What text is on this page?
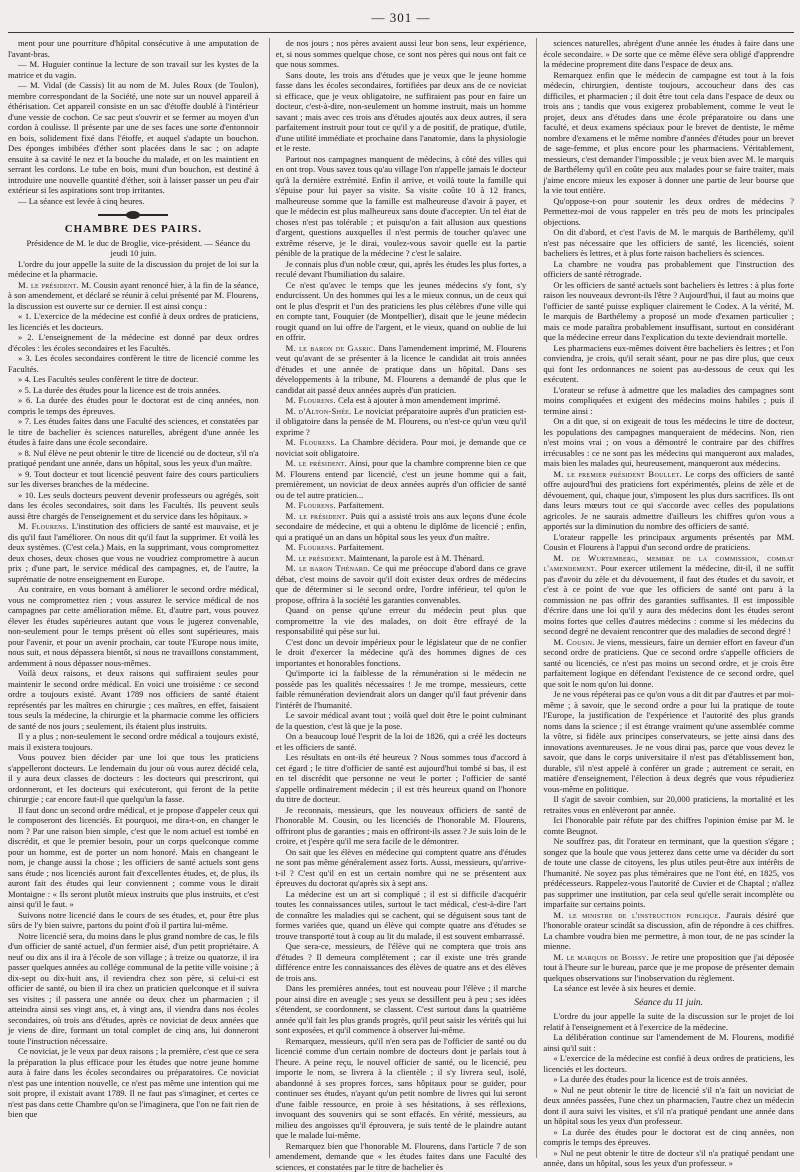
— 301 —

ment pour une pourriture d'hôpital consécutive à une amputation de l'avant-bras.

— M. Huguier continue la lecture de son travail sur les kystes de la matrice et du vagin.

— M. Vidal (de Cassis) lit au nom de M. Jules Roux (de Toulon), membre correspondant de la Société, une note sur un nouvel appareil à éthérisation. Cet appareil consiste en un sac d'étoffe doublé à l'intérieur d'une vessie de cochon. Ce sac peut s'ouvrir et se fermer au moyen d'un cordon à coulisse. Il présente par une de ses faces une sorte d'entonnoir en bois, solidement fixé dans l'étoffe, et auquel s'adapte un bouchon. Des éponges imbibées d'éther sont placées dans le sac ; on adapte ensuite à sa cavité le nez et la bouche du malade, et on les maintient en serrant les cordons. Le tube en bois, muni d'un bouchon, est destiné à introduire une nouvelle quantité d'éther, soit à laisser passer un peu d'air extérieur si les aspirations sont trop irritantes.

— La séance est levée à cinq heures.

CHAMBRE DES PAIRS.

Présidence de M. le duc de Broglie, vice-président. — Séance du jeudi 10 juin.

L'ordre du jour appelle la suite de la discussion du projet de loi sur la médecine et la pharmacie.

M. le président. M. Cousin ayant renoncé hier, à la fin de la séance, à son amendement, et déclaré se réunir à celui présenté par M. Flourens, la discussion est ouverte sur ce dernier. Il est ainsi conçu :

« 1. L'exercice de la médecine est confié à deux ordres de praticiens, les licenciés et les docteurs.

» 2. L'enseignement de la médecine est donné par deux ordres d'écoles : les écoles secondaires et les Facultés.

» 3. Les écoles secondaires confèrent le titre de licencié comme les Facultés.

» 4. Les Facultés seules confèrent le titre de docteur.

» 5. La durée des études pour la licence est de trois années.

» 6. La durée des études pour le doctorat est de cinq années, non compris le temps des épreuves.

» 7. Les études faites dans une Faculté des sciences, et constatées par le titre de bachelier ès sciences naturelles, abrégent d'une année les études à faire dans une école secondaire.

» 8. Nul élève ne peut obtenir le titre de licencié ou de docteur, s'il n'a pratiqué pendant une année, dans un hôpital, sous les yeux d'un maître.

» 9. Tout docteur et tout licencié peuvent faire des cours particuliers sur les diverses branches de la médecine.

» 10. Les seuls docteurs peuvent devenir professeurs ou agrégés, soit dans les écoles secondaires, soit dans les Facultés. Ils peuvent seuls aussi être chargés de l'enseignement et du service dans les hôpitaux. »

M. Flourens. L'institution des officiers de santé est mauvaise, et je dis qu'il faut l'améliorer. On nous dit qu'il faut la supprimer. Et voilà les deux systèmes. (C'est cela.) Mais, en la supprimant, vous compromettez deux choses, deux choses que vous ne voudriez compromettre à aucun prix ; d'une part, le service médical des campagnes, et, de l'autre, la suprématie de notre enseignement en Europe.

Au contraire, en vous bornant à améliorer le second ordre médical, vous ne compromettez rien ; vous assurez le service médical de nos campagnes par cette amélioration même. Et, d'autre part, vous pouvez élever les études supérieures autant que vous le jugerez convenable, non-seulement pour le temps présent où elles sont supérieures, mais pour l'avenir, et pour un avenir prochain, car toute l'Europe nous imite, nous suit, et nous dépassera bientôt, si nous ne travaillons constamment, ardemment à nous dépasser nous-mêmes.

Voilà deux raisons, et deux raisons qui suffiraient seules pour maintenir le second ordre médical. En voici une troisième : ce second ordre a toujours existé. Avant 1789 nos officiers de santé étaient représentés par les maîtres en chirurgie ; ces maîtres, en effet, faisaient tous seuls la médecine, la chirurgie et la pharmacie comme les officiers de santé de nos jours ; seulement, ils étaient plus instruits.

Il y a plus ; non-seulement le second ordre médical a toujours existé, mais il existera toujours.

Vous pouvez bien décider par une loi que tous les praticiens s'appelleront docteurs. Le lendemain du jour où vous aurez décidé cela, il y aura deux classes de docteurs : les docteurs qui prescriront, qui ordonneront, et les docteurs qui exécuteront, qui feront de la petite chirurgie ; car encore faut-il que quelqu'un la fasse.

Il faut donc un second ordre médical, et je propose d'appeler ceux qui le composeront des licenciés. Et pourquoi, me dira-t-on, en changer le nom ? Par une raison bien simple, c'est que le nom actuel est tombé en discrédit, et que le premier besoin, pour un corps quelconque comme pour un homme, est de porter un nom honoré. Mais en changeant le nom, je change aussi la chose ; les officiers de santé actuels sont gens sans étude ; nos licenciés auront fait d'excellentes études, et, de plus, ils auront fait des études qui leur conviennent ; comme vous le dirait Montaigne : « Ils seront plutôt mieux instruits que plus instruits, et c'est ainsi qu'il le faut. »

Suivons notre licencié dans le cours de ses études, et, pour être plus sûrs de l'y bien suivre, partons du point d'où il partira lui-même.

Notre licencié sera, du moins dans le plus grand nombre de cas, le fils d'un officier de santé actuel, d'un fermier aisé, d'un petit propriétaire. A neuf ou dix ans il ira à l'école de son village ; à treize ou quatorze, il ira passer quelques années au collége communal de la petite ville voisine ; à dix-sept ou dix-huit ans, il reviendra chez son père, si celui-ci est officier de santé, ou bien il ira chez un praticien quelconque et il suivra ses visites ; il passera une année ou deux chez un pharmacien ; il atteindra ainsi ses vingt ans, et, à vingt ans, il viendra dans nos écoles secondaires, où trois ans d'études, après ce noviciat de deux années que je viens de dire, formant un total complet de cinq ans, lui donneront toute l'instruction nécessaire.

Ce noviciat, je le veux par deux raisons ; la première, c'est que ce sera la préparation la plus efficace pour les études que notre jeune homme aura à faire dans les écoles secondaires ou préparatoires. Ce noviciat n'est pas une intention nouvelle, ce n'est pas même une intention qui me soit propre, il existait avant 1789. Il ne faut pas s'imaginer, et certes ce n'est pas dans cette Chambre qu'on se l'imaginera, que l'on ne fait rien de bien que

de nos jours ; nos pères avaient aussi leur bon sens, leur expérience, et, si nous sommes quelque chose, ce sont nos pères qui nous ont fait ce que nous sommes.

Sans doute, les trois ans d'études que je veux que le jeune homme fasse dans les écoles secondaires, fortifiées par deux ans de ce noviciat si efficace, que je veux obligatoire, ne suffiraient pas pour en faire un docteur, c'est-à-dire, non-seulement un homme instruit, mais un homme savant ; mais avec ces trois ans d'études ajoutés aux deux autres, il sera parfaitement instruit pour tout ce qu'il y a de positif, de pratique, d'utile, d'une utilité immédiate et prochaine dans l'anatomie, dans la physiologie et le reste.

Partout nos campagnes manquent de médecins, à côté des villes qui en ont trop. Vous savez tous qu'au village l'on n'appelle jamais le docteur qu'à la dernière extrémité. Enfin il arrive, et voilà toute la famille qui s'épuise pour lui payer sa visite. Sa visite coûte 10 à 12 francs, malheureuse somme que la famille est malheureuse d'avoir à payer, et que le médecin est plus malheureux sans doute d'accepter. Un tel état de choses n'est pas tolérable ; et puisqu'on a fait allusion aux questions d'argent, questions auxquelles il n'est permis de toucher qu'avec une extrême réserve, je le dirai, voulez-vous savoir quelle est la partie pénible de la pratique de la médecine ? c'est le salaire.

Je connais plus d'un noble cœur, qui, après les études les plus fortes, a reculé devant l'humiliation du salaire.

Ce n'est qu'avec le temps que les jeunes médecins s'y font, s'y endurcissent. Un des hommes qui les a le mieux connus, un de ceux qui ont le plus d'esprit et l'un des praticiens les plus célèbres d'une ville qui en compte tant, Fouquier (de Montpellier), disait que le jeune médecin rougit quand on lui offre de l'argent, et le vieux, quand on oublie de lui en offrir.

M. le baron de Gasric. Dans l'amendement imprimé, M. Flourens veut qu'avant de se présenter à la licence le candidat ait trois années d'études et une année de pratique dans un hôpital. Dans ses développements à la tribune, M. Flourens a demandé de plus que le candidat ait passé deux années auprès d'un praticien.

M. Flourens. Cela est à ajouter à mon amendement imprimé.

M. d'Alton-Shée. Le noviciat préparatoire auprès d'un praticien est-il obligatoire dans la pensée de M. Flourens, ou n'est-ce qu'un vœu qu'il exprime ?

M. Flourens. La Chambre décidera. Pour moi, je demande que ce noviciat soit obligatoire.

M. le président. Ainsi, pour que la chambre comprenne bien ce que M. Flourens entend par licencié, c'est un jeune homme qui a fait, premièrement, un noviciat de deux années auprès d'un officier de santé ou de tel autre praticien...

M. Flourens. Parfaitement.

M. le président. Puis qui a assisté trois ans aux leçons d'une école secondaire de médecine, et qui a obtenu le diplôme de licencié ; enfin, qui a pratiqué un an dans un hôpital sous les yeux d'un maître.

M. Flourens. Parfaitement.

M. le président. Maintenant, la parole est à M. Thénard.

M. le baron Thénard. Ce qui me préoccupe d'abord dans ce grave débat, c'est moins de savoir qu'il doit exister deux ordres de médecins que de déterminer si le second ordre, l'ordre inférieur, tel qu'on le propose, offrira à la société les garanties convenables.

Quand on pense qu'une erreur du médecin peut plus que compromettre la vie des malades, on doit être effrayé de la responsabilité qui pèse sur lui.

C'est donc un devoir impérieux pour le législateur que de ne confier le droit d'exercer la médecine qu'à des hommes dignes de ces importantes et honorables fonctions.

Qu'importe ici la faiblesse de la rémunération si le médecin ne possède pas les qualités nécessaires ! Je me trompe, messieurs, cette faible rémunération deviendrait alors un danger qu'il faut prévenir dans l'intérêt de l'humanité.

Le savoir médical avant tout ; voilà quel doit être le point culminant de la question, c'est là que je la pose.

On a beaucoup loué l'esprit de la loi de 1826, qui a créé les docteurs et les officiers de santé.

Les résultats en ont-ils été heureux ? Nous sommes tous d'accord à cet égard ; le titre d'officier de santé est aujourd'hui tombé si bas, il est en tel discrédit que personne ne veut le porter ; l'officier de santé s'appelle ordinairement médecin ; il est très heureux quand on l'honore du titre de docteur.

Je reconnais, messieurs, que les nouveaux officiers de santé de l'honorable M. Cousin, ou les licenciés de l'honorable M. Flourens, offriront plus de garanties ; mais en offriront-ils assez ? Je suis loin de le croire, et j'espère qu'il me sera facile de le démontrer.

On sait que les élèves en médecine qui comptent quatre ans d'études ne sont pas même généralement assez forts. Aussi, messieurs, qu'arrive-t-il ? C'est qu'il en est un certain nombre qui ne se présentent aux épreuves du doctorat qu'après six à sept ans.

La médecine est un art si compliqué ; il est si difficile d'acquérir toutes les connaissances utiles, surtout le tact médical, c'est-à-dire l'art de connaître les maladies qui se cachent, qui se déguisent sous tant de formes variées que, quand un élève qui compte quatre ans d'études se trouve transporté tout à coup au lit du malade, il est souvent embarrassé.

Que sera-ce, messieurs, de l'élève qui ne comptera que trois ans d'études ? Il demeura complétement ; car il existe une très grande différence entre les connaissances des élèves de quatre ans et des élèves de trois ans.

Dans les premières années, tout est nouveau pour l'élève ; il marche pour ainsi dire en aveugle ; ses yeux se dessillent peu à peu ; ses idées s'étendent, se coordonnent, se classent. C'est surtout dans la quatrième année qu'il fait les plus grands progrès, qu'il peut saisir les vérités qui lui sont exposées, et qu'il commence à observer lui-même.

Remarquez, messieurs, qu'il n'en sera pas de l'officier de santé ou du licencié comme d'un certain nombre de docteurs dont je parlais tout à l'heure. A peine reçu, le nouvel officier de santé, ou le licencié, peu importe le nom, se livrera à la clientèle ; il s'y livrera seul, isolé, abandonné à ses propres forces, sans hôpitaux pour se guider, pour continuer ses études, n'ayant qu'un petit nombre de livres qui lui seront d'une faible ressource, en proie à ses hésitations, à ses réflexions, invoquant des souvenirs qui se sont effacés. En vérité, messieurs, au milieu des angoisses qu'il éprouvera, je suis tenté de le plaindre autant que le malade lui-même.

Remarquez bien que l'honorable M. Flourens, dans l'article 7 de son amendement, demande que « les études faites dans une Faculté des sciences, et constatées par le titre de bachelier ès

sciences naturelles, abrégent d'une année les études à faire dans une école secondaire. » De sorte que ce même élève sera obligé d'apprendre la médecine proprement dite dans l'espace de deux ans.

Remarquez enfin que le médecin de campagne est tout à la fois médecin, chirurgien, dentiste toujours, accoucheur dans des cas difficiles, et pharmacien ; il doit être tout cela dans l'espace de deux ou trois ans ; tandis que vous exigerez probablement, comme le veut le projet, deux ans d'études dans une école préparatoire ou dans une faculté, et deux examens spéciaux pour le brevet de dentiste, le même nombre d'examens et le même nombre d'années d'études pour un brevet de sage-femme, et plus encore pour les pharmaciens. Véritablement, messieurs, c'est demander l'impossible ; je veux bien avec M. le marquis de Barthélemy qu'il en coûte peu aux malades pour se faire traiter, mais j'aime encore mieux les exposer à donner une partie de leur bourse que la vie tout entière.

Qu'oppose-t-on pour soutenir les deux ordres de médecins ? Permettez-moi de vous rappeler en très peu de mots les principales objections.

On dit d'abord, et c'est l'avis de M. le marquis de Barthélemy, qu'il n'est pas nécessaire que les officiers de santé, les licenciés, soient bacheliers ès lettres, et à plus forte raison bacheliers ès sciences.

La chambre ne voudra pas probablement que l'instruction des officiers de santé rétrograde.

Or les officiers de santé actuels sont bacheliers ès lettres : à plus forte raison les nouveaux devront-ils l'être ? Aujourd'hui, il faut au moins que l'officier de santé puisse expliquer clairement le Codex. A la vérité, M. le marquis de Barthélemy a proposé un mode d'examen particulier ; mais ce mode paraîtra probablement insuffisant, surtout en considérant que la médecine erreur dans l'explication du texte deviendrait mortelle.

Les pharmaciens eux-mêmes doivent être bacheliers ès lettres ; et l'on conviendra, je crois, qu'il serait séant, pour ne pas dire plus, que ceux qui font les ordonnances ne soient pas au-dessous de ceux qui les exécutent.

L'orateur se refuse à admettre que les maladies des campagnes sont moins compliquées et exigent des médecins moins habiles ; puis il termine ainsi :

On a dit que, si on exigeait de tous les médecins le titre de docteur, les populations des campagnes manqueraient de médecins. Non, rien n'est moins vrai ; on vous a démontré le contraire par des chiffres irrécusables : ce ne sont pas les médecins qui manqueront aux malades, mais bien les malades qui, heureusement, manqueront aux médecins.

M. le premier président Boullet. Le corps des officiers de santé offre aujourd'hui des praticiens fort expérimentés, pleins de zèle et de dévouement, qui, chaque jour, s'imposent les plus durs sacrifices. Ils ont dans leurs mœurs tout ce qui s'accorde avec celles des populations agricoles. Je ne saurais admettre d'ailleurs les chiffres qu'on vous a apportés sur la diminution du nombre des officiers de santé.

L'orateur rappelle les principaux arguments présentés par MM. Cousin et Flourens à l'appui d'un second ordre de praticiens.

M. de Wurtemberg, membre de la commission, combat l'amendement. Pour exercer utilement la médecine, dit-il, il ne suffit pas d'avoir du zèle et du dévouement, il faut des études et du savoir, et c'est à ce point de vue que les officiers de santé ont paru à la commission ne pas offrir des garanties suffisantes. Il est impossible d'écrire dans une loi qu'il y aura des médecins dont les études seront moins fortes que celles d'autres médecins : comme si les médecins du second degré ne devaient rencontrer que des maladies de second degré !

M. Cousin. Je viens, messieurs, faire un dernier effort en faveur d'un second ordre de praticiens. Que ce second ordre s'appelle officiers de santé ou licenciés, ce n'est pas moins un second ordre, et je crois être parfaitement logique en défendant l'existence de ce second ordre, quel que soit le nom qu'on lui donne.

Je ne vous répéterai pas ce qu'on vous a dit dit par d'autres et par moi-même ; à savoir, que le second ordre a pour lui la pratique de toute l'Europe, la justification de l'expérience et l'autorité des plus grands noms dans la science ; il est étrange vraiment qu'une assemblée comme la vôtre, si fidèle aux principes conservateurs, se jette ainsi dans des innovations aventureuses. Je ne vous dirai pas, parce que vous devez le savoir, que dans le corps universitaire il n'est pas d'établissement bon, durable, s'il n'est appelé à conférer un grade ; autrement ce serait, en matière d'enseignement, l'élection à deux degrés que vous répudieriez vous-même en politique.

Il s'agit de savoir combien, sur 20,000 praticiens, la mortalité et les retraites vous en enlèveront par année.

Ici l'honorable pair réfute par des chiffres l'opinion émise par M. le comte Beugnot.

Ne souffrez pas, dit l'orateur en terminant, que la question s'égare ; songez que la boule que vous jetterez dans cette urne va décider du sort de toute une classe de citoyens, les plus utiles peut-être aux intérêts de l'humanité. Ne soyez pas plus téméraires que ne l'ont été, en 1825, vos prédécesseurs. Rappelez-vous l'autorité de Cuvier et de Chaptal ; n'allez pas supprimer une institution, par cela seul qu'elle serait incomplète ou imparfaite sur certains points.

M. le ministre de l'instruction publique. J'aurais désiré que l'honorable orateur scindât sa discussion, afin de répondre à ces chiffres. La chambre voudra bien me permettre, à mon tour, de ne pas scinder la mienne.

M. le marquis de Boissy. Je retire une proposition que j'ai déposée tout à l'heure sur le bureau, parce que je me propose de présenter demain quelques observations sur l'inobservation du règlement.

La séance est levée à six heures et demie.

Séance du 11 juin.

L'ordre du jour appelle la suite de la discussion sur le projet de loi relatif à l'enseignement et à l'exercice de la médecine.

La délibération continue sur l'amendement de M. Flourens, modifié ainsi qu'il suit :

« L'exercice de la médecine est confié à deux ordres de praticiens, les licenciés et les docteurs.

» La durée des études pour la licence est de trois années.

» Nul ne peut obtenir le titre de licencié s'il n'a fait un noviciat de deux années passées, l'une chez un pharmacien, l'autre chez un médecin dont il aura suivi les visites, et s'il n'a pratiqué pendant une année dans un hôpital sous les yeux d'un professeur.

» La durée des études pour le doctorat est de cinq années, non compris le temps des épreuves.

» Nul ne peut obtenir le titre de docteur s'il n'a pratiqué pendant une année, dans un hôpital, sous les yeux d'un professeur. »
